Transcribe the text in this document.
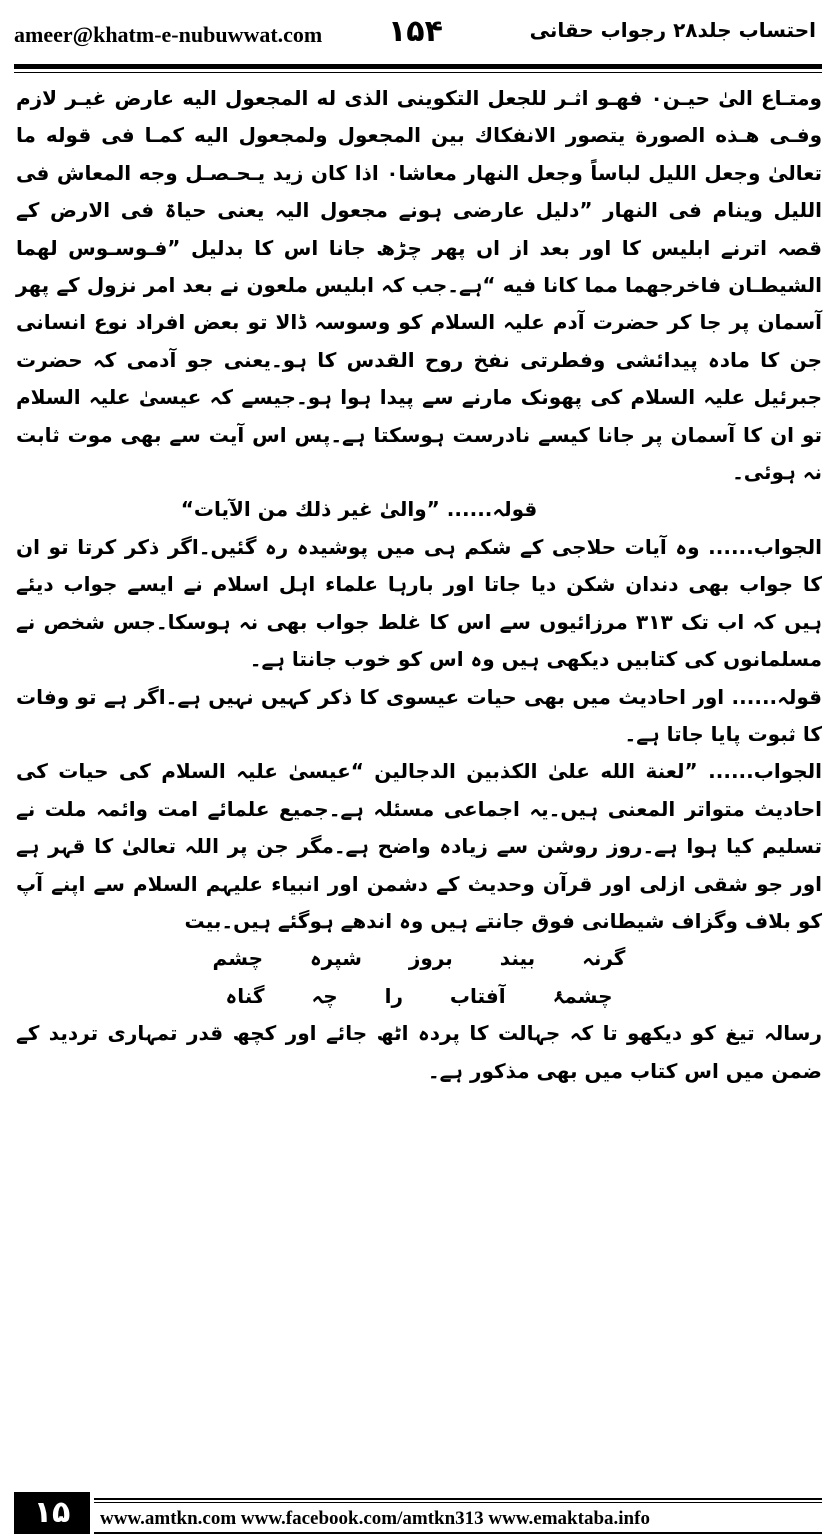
ameer@khatm-e-nubuwwat.com ۱۵۴	احتساب جلد۲۸ رجواب حقانی

ومتـاع الیٰ حیـن٠ فهـو اثـر للجعل التکوینی الذی له المجعول الیه عارض غیـر لازم وفـی هـذه الصورة یتصور الانفکاك بین المجعول ولمجعول الیه کمـا فی قوله ما تعالیٰ وجعل اللیل لباساً وجعل النهار معاشا٠ اذا کان زید یـحـصـل وجه المعاش فی اللیل وینام فی النهار ”دلیل عارضی ہونے مجعول الیہ یعنی حیاۃ فی الارض کے قصہ اترنے ابلیس کا اور بعد از اں پھر چڑھ جانا اس کا بدلیل ”فـوسـوس لهما الشیطـان فاخرجهما مما کانا فیه “ہے۔جب کہ ابلیس ملعون نے بعد امر نزول کے پھر آسمان پر جا کر حضرت آدم علیہ السلام کو وسوسہ ڈالا تو بعض افراد نوع انسانی جن کا مادہ پیدائشی وفطرتی نفخ روح القدس کا ہو۔یعنی جو آدمی کہ حضرت جبرئیل علیہ السلام کی پھونک مارنے سے پیدا ہوا ہو۔جیسے کہ عیسیٰ علیہ السلام تو ان کا آسمان پر جانا کیسے نادرست ہوسکتا ہے۔پس اس آیت سے بھی موت ثابت نہ ہوئی۔

قولہ...... ”والیٰ غیر ذلك من الآیات“

الجواب...... وہ آیات حلاجی کے شکم ہی میں پوشیدہ رہ گئیں۔اگر ذکر کرتا تو ان کا جواب بھی دندان شکن دیا جاتا اور بارہا علماء اہل اسلام نے ایسے جواب دیئے ہیں کہ اب تک ۳۱۳ مرزائیوں سے اس کا غلط جواب بھی نہ ہوسکا۔جس شخص نے مسلمانوں کی کتابیں دیکھی ہیں وہ اس کو خوب جانتا ہے۔

قولہ...... اور احادیث میں بھی حیات عیسوی کا ذکر کہیں نہیں ہے۔اگر ہے تو وفات کا ثبوت پایا جاتا ہے۔

الجواب...... ”لعنة الله علیٰ الکذبین الدجالین “عیسیٰ علیہ السلام کی حیات کی احادیث متواتر المعنی ہیں۔یہ اجماعی مسئلہ ہے۔جمیع علمائے امت وائمہ ملت نے تسلیم کیا ہوا ہے۔روز روشن سے زیادہ واضح ہے۔مگر جن پر اللہ تعالیٰ کا قہر ہے اور جو شقی ازلی اور قرآن وحدیث کے دشمن اور انبیاء علیہم السلام سے اپنے آپ کو بلاف وگزاف شیطانی فوق جانتے ہیں وہ اندھے ہوگئے ہیں۔بیت

گرنہ بیند بروز شپرہ چشم

چشمۂ آفتاب را چہ گناہ

رسالہ تیغ کو دیکھو تا کہ جہالت کا پردہ اٹھ جائے اور کچھ قدر تمہاری تردید کے ضمن میں اس کتاب میں بھی مذکور ہے۔

۱۵	www.amtkn.com www.facebook.com/amtkn313 www.emaktaba.info
